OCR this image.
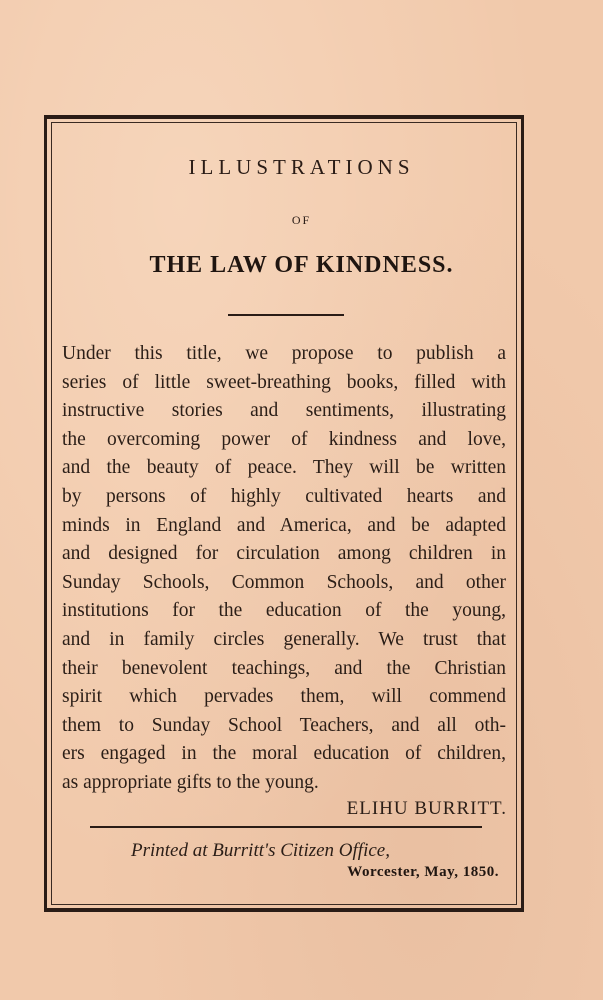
ILLUSTRATIONS
OF
THE LAW OF KINDNESS.
Under this title, we propose to publish a
series of little sweet-breathing books, filled with
instructive stories and sentiments, illustrating
the overcoming power of kindness and love,
and the beauty of peace. They will be written
by persons of highly cultivated hearts and
minds in England and America, and be adapted
and designed for circulation among children in
Sunday Schools, Common Schools, and other
institutions for the education of the young,
and in family circles generally. We trust that
their benevolent teachings, and the Christian
spirit which pervades them, will commend
them to Sunday School Teachers, and all oth-
ers engaged in the moral education of children,
as appropriate gifts to the young.
ELIHU BURRITT.
Printed at Burritt's Citizen Office,
Worcester, May, 1850.
